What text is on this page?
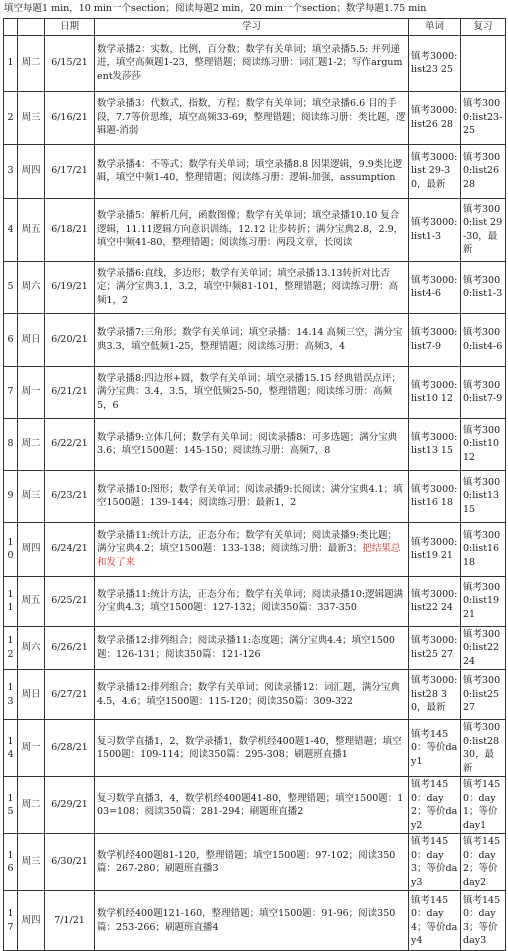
填空每题1 min，10 min一个section；阅读每题2 min，20 min一个section；数学每题1.75 min
		日期	学习	单词	复习
1	周二	6/15/21	数学录播2：实数，比例，百分数；数学有关单词；填空录播5.5: 并列递进，填空高频题1-23，整理错题；阅读练习册：词汇题1-2；写作argument发莎莎	镇考3000:list23 25	
2	周三	6/16/21	数学录播3：代数式，指数，方程；数学有关单词；填空录播6.6 目的手段，7.7等价思维，填空高频33-69，整理错题；阅读练习册：类比题，逻辑题-消弱	镇考3000:list26 28	镇考3000:list23-25
3	周四	6/17/21	数学录播4：不等式；数学有关单词；填空录播8.8 因果逻辑，9.9类比逻辑，填空中频1-40，整理错题；阅读练习册：逻辑-加强，assumption	镇考3000:list 29-30，最新	镇考3000:list26 28
4	周五	6/18/21	数学录播5：解析几何，函数图像；数学有关单词；填空录播10.10 复合逻辑，11.11逻辑方向意识训练，12.12 让步转折；满分宝典2.8，2.9，填空中频41-80，整理错题；阅读练习册：两段文章，长阅读	镇考3000:list1-3	镇考3000:list 29-30，最新
5	周六	6/19/21	数学录播6:直线，多边形；数学有关单词；填空录播13.13转折对比否定；满分宝典3.1，3.2，填空中频81-101，整理错题；阅读练习册：高频1，2	镇考3000:list4-6	镇考3000:list1-3
6	周日	6/20/21	数学录播7:三角形；数学有关单词；填空录播：14.14 高频三空，满分宝典3.3，填空低频1-25，整理错题；阅读练习册：高频3，4	镇考3000:list7-9	镇考3000:list4-6
7	周一	6/21/21	数学录播8:四边形+圆，数学有关单词；填空录播15.15 经典错误点评；满分宝典：3.4，3.5，填空低频25-50，整理错题；阅读练习册：高频5，6	镇考3000:list10 12	镇考3000:list7-9
8	周二	6/22/21	数学录播9:立体几何；数学有关单词；阅读录播8：可多选题；满分宝典3.6；填空1500题：145-150；阅读练习册：高频7，8	镇考3000:list13 15	镇考3000:list10 12
9	周三	6/23/21	数学录播10:图形；数学有关单词；阅读录播9:长阅读；满分宝典4.1；填空1500题：139-144；阅读练习册：最新1，2	镇考3000:list16 18	镇考3000:list13 15
10	周四	6/24/21	数学录播11:统计方法，正态分布；数学有关单词；阅读录播9:类比题；满分宝典4.2；填空1500题：133-138；阅读练习册：最新3；把结果总和发了来	镇考3000:list19 21	镇考3000:list16 18
11	周五	6/25/21	数学录播11:统计方法，正态分布；数学有关单词；阅读录播10:逻辑题满分宝典4.3；填空1500题：127-132；阅读350篇：337-350	镇考3000:list22 24	镇考3000:list19 21
12	周六	6/26/21	数学录播12:排列组合；阅读录播11:态度题；满分宝典4.4；填空1500题：126-131；阅读350篇：121-126	镇考3000:list25 27	镇考3000:list22 24
13	周日	6/27/21	数学录播12:排列组合；数学有关单词；阅读录播12：词汇题，满分宝典4.5，4.6；填空1500题：115-120；阅读350篇：309-322	镇考3000:list28 30，最新	镇考3000:list25 27
14	周一	6/28/21	复习数学直播1，2，数学录播1，数学机经400题1-40，整理错题；填空1500题：109-114；阅读350篇：295-308；刷题班直播1	镇考1450：等价day1	镇考3000:list28 30，最新
15	周二	6/29/21	复习数学直播3，4，数学机经400题41-80，整理错题；填空1500题：103=108；阅读350篇：281-294；刷题班直播2	镇考1450：day2；等价day2	镇考1450：day1；等价day1
16	周三	6/30/21	数学机经400题81-120，整理错题；填空1500题：97-102；阅读350篇：267-280；刷题班直播3	镇考1450：day3；等价day3	镇考1450：day2；等价day2
17	周四	7/1/21	数学机经400题121-160，整理错题；填空1500题：91-96；阅读350篇：253-266；刷题班直播4	镇考1450：day4；等价day4	镇考1450：day3；等价day3
